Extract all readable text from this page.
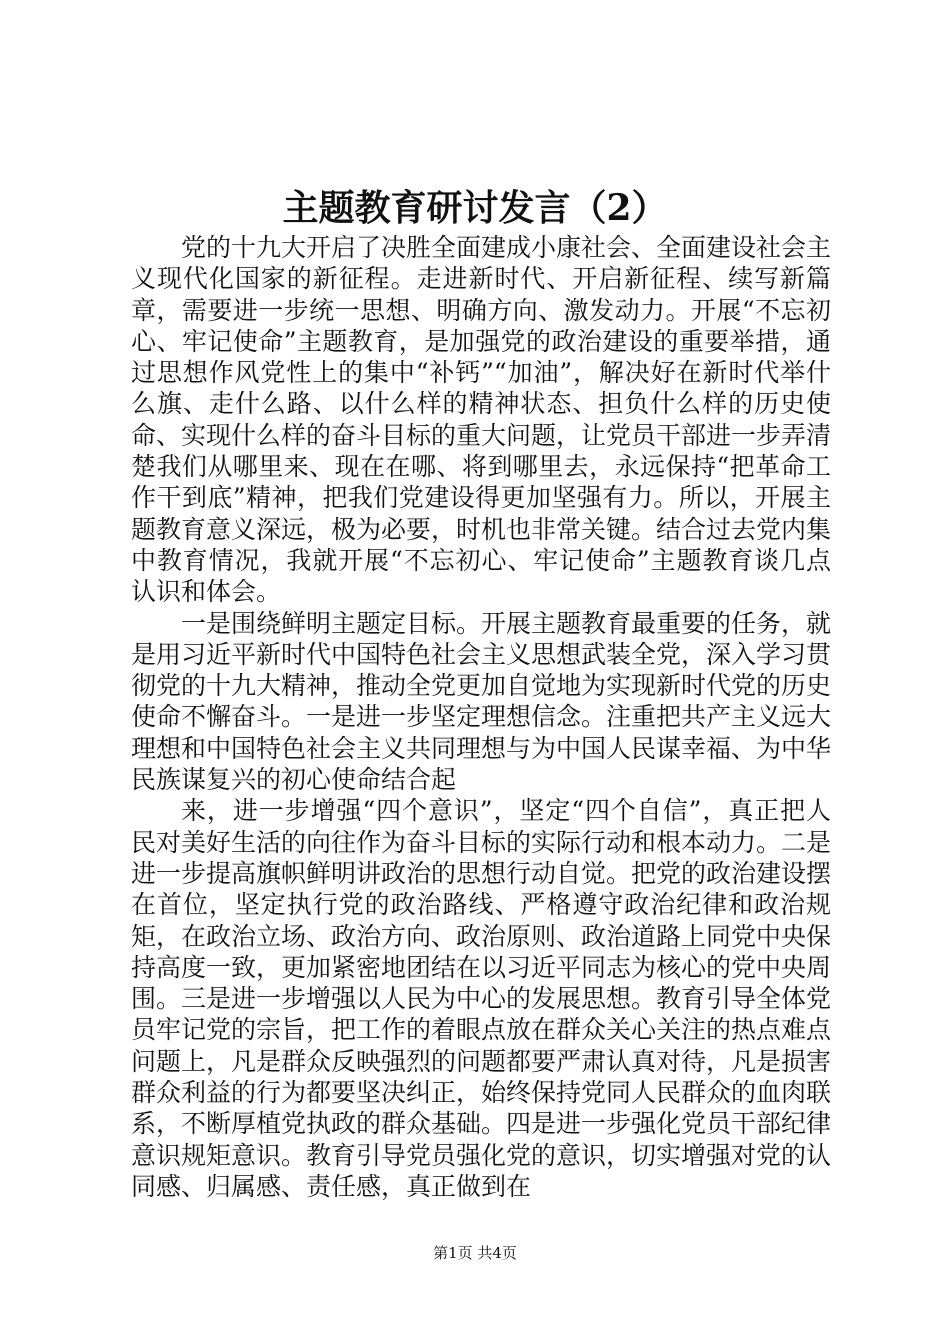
主题教育研讨发言（2）

党的十九大开启了决胜全面建成小康社会、全面建设社会主义现代化国家的新征程。走进新时代、开启新征程、续写新篇章，需要进一步统一思想、明确方向、激发动力。开展“不忘初心、牢记使命”主题教育，是加强党的政治建设的重要举措，通过思想作风党性上的集中“补钙”“加油”，解决好在新时代举什么旗、走什么路、以什么样的精神状态、担负什么样的历史使命、实现什么样的奋斗目标的重大问题，让党员干部进一步弄清楚我们从哪里来、现在在哪、将到哪里去，永远保持“把革命工作干到底”精神，把我们党建设得更加坚强有力。所以，开展主题教育意义深远，极为必要，时机也非常关键。结合过去党内集中教育情况，我就开展“不忘初心、牢记使命”主题教育谈几点认识和体会。

一是围绕鲜明主题定目标。开展主题教育最重要的任务，就是用习近平新时代中国特色社会主义思想武装全党，深入学习贯彻党的十九大精神，推动全党更加自觉地为实现新时代党的历史使命不懈奋斗。一是进一步坚定理想信念。注重把共产主义远大理想和中国特色社会主义共同理想与为中国人民谋幸福、为中华民族谋复兴的初心使命结合起

来，进一步增强“四个意识”，坚定“四个自信”，真正把人民对美好生活的向往作为奋斗目标的实际行动和根本动力。二是进一步提高旗帜鲜明讲政治的思想行动自觉。把党的政治建设摆在首位，坚定执行党的政治路线、严格遵守政治纪律和政治规矩，在政治立场、政治方向、政治原则、政治道路上同党中央保持高度一致，更加紧密地团结在以习近平同志为核心的党中央周围。三是进一步增强以人民为中心的发展思想。教育引导全体党员牢记党的宗旨，把工作的着眼点放在群众关心关注的热点难点问题上，凡是群众反映强烈的问题都要严肃认真对待，凡是损害群众利益的行为都要坚决纠正，始终保持党同人民群众的血肉联系，不断厚植党执政的群众基础。四是进一步强化党员干部纪律意识规矩意识。教育引导党员强化党的意识，切实增强对党的认同感、归属感、责任感，真正做到在

第1页 共4页
